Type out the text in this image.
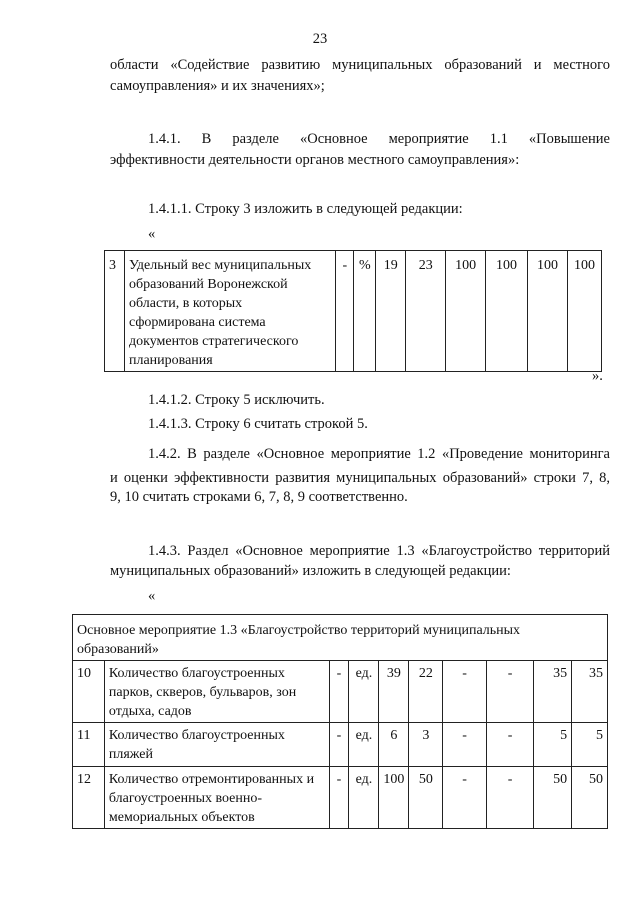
23
области «Содействие развитию муниципальных образований и местного
самоуправления» и их значениях»;
1.4.1. В разделе «Основное мероприятие 1.1 «Повышение
эффективности деятельности органов местного самоуправления»:
1.4.1.1. Строку 3 изложить в следующей редакции:
«
3	Удельный вес муниципальных образований Воронежской области, в которых сформирована система документов стратегического планирования	-	%	19	23	100	100	100	100
».
1.4.1.2. Строку 5 исключить.
1.4.1.3. Строку 6 считать строкой 5.
1.4.2. В разделе «Основное мероприятие 1.2 «Проведение мониторинга
и оценки эффективности развития муниципальных образований» строки 7, 8,
9, 10 считать строками 6, 7, 8, 9 соответственно.
1.4.3. Раздел «Основное мероприятие 1.3 «Благоустройство территорий
муниципальных образований» изложить в следующей редакции:
«
Основное мероприятие 1.3 «Благоустройство территорий муниципальных образований»									
10	Количество благоустроенных парков, скверов, бульваров, зон отдыха, садов	-	ед.	39	22	-	-	35	35
11	Количество благоустроенных пляжей	-	ед.	6	3	-	-	5	5
12	Количество отремонтированных и благоустроенных военно-мемориальных объектов	-	ед.	100	50	-	-	50	50
